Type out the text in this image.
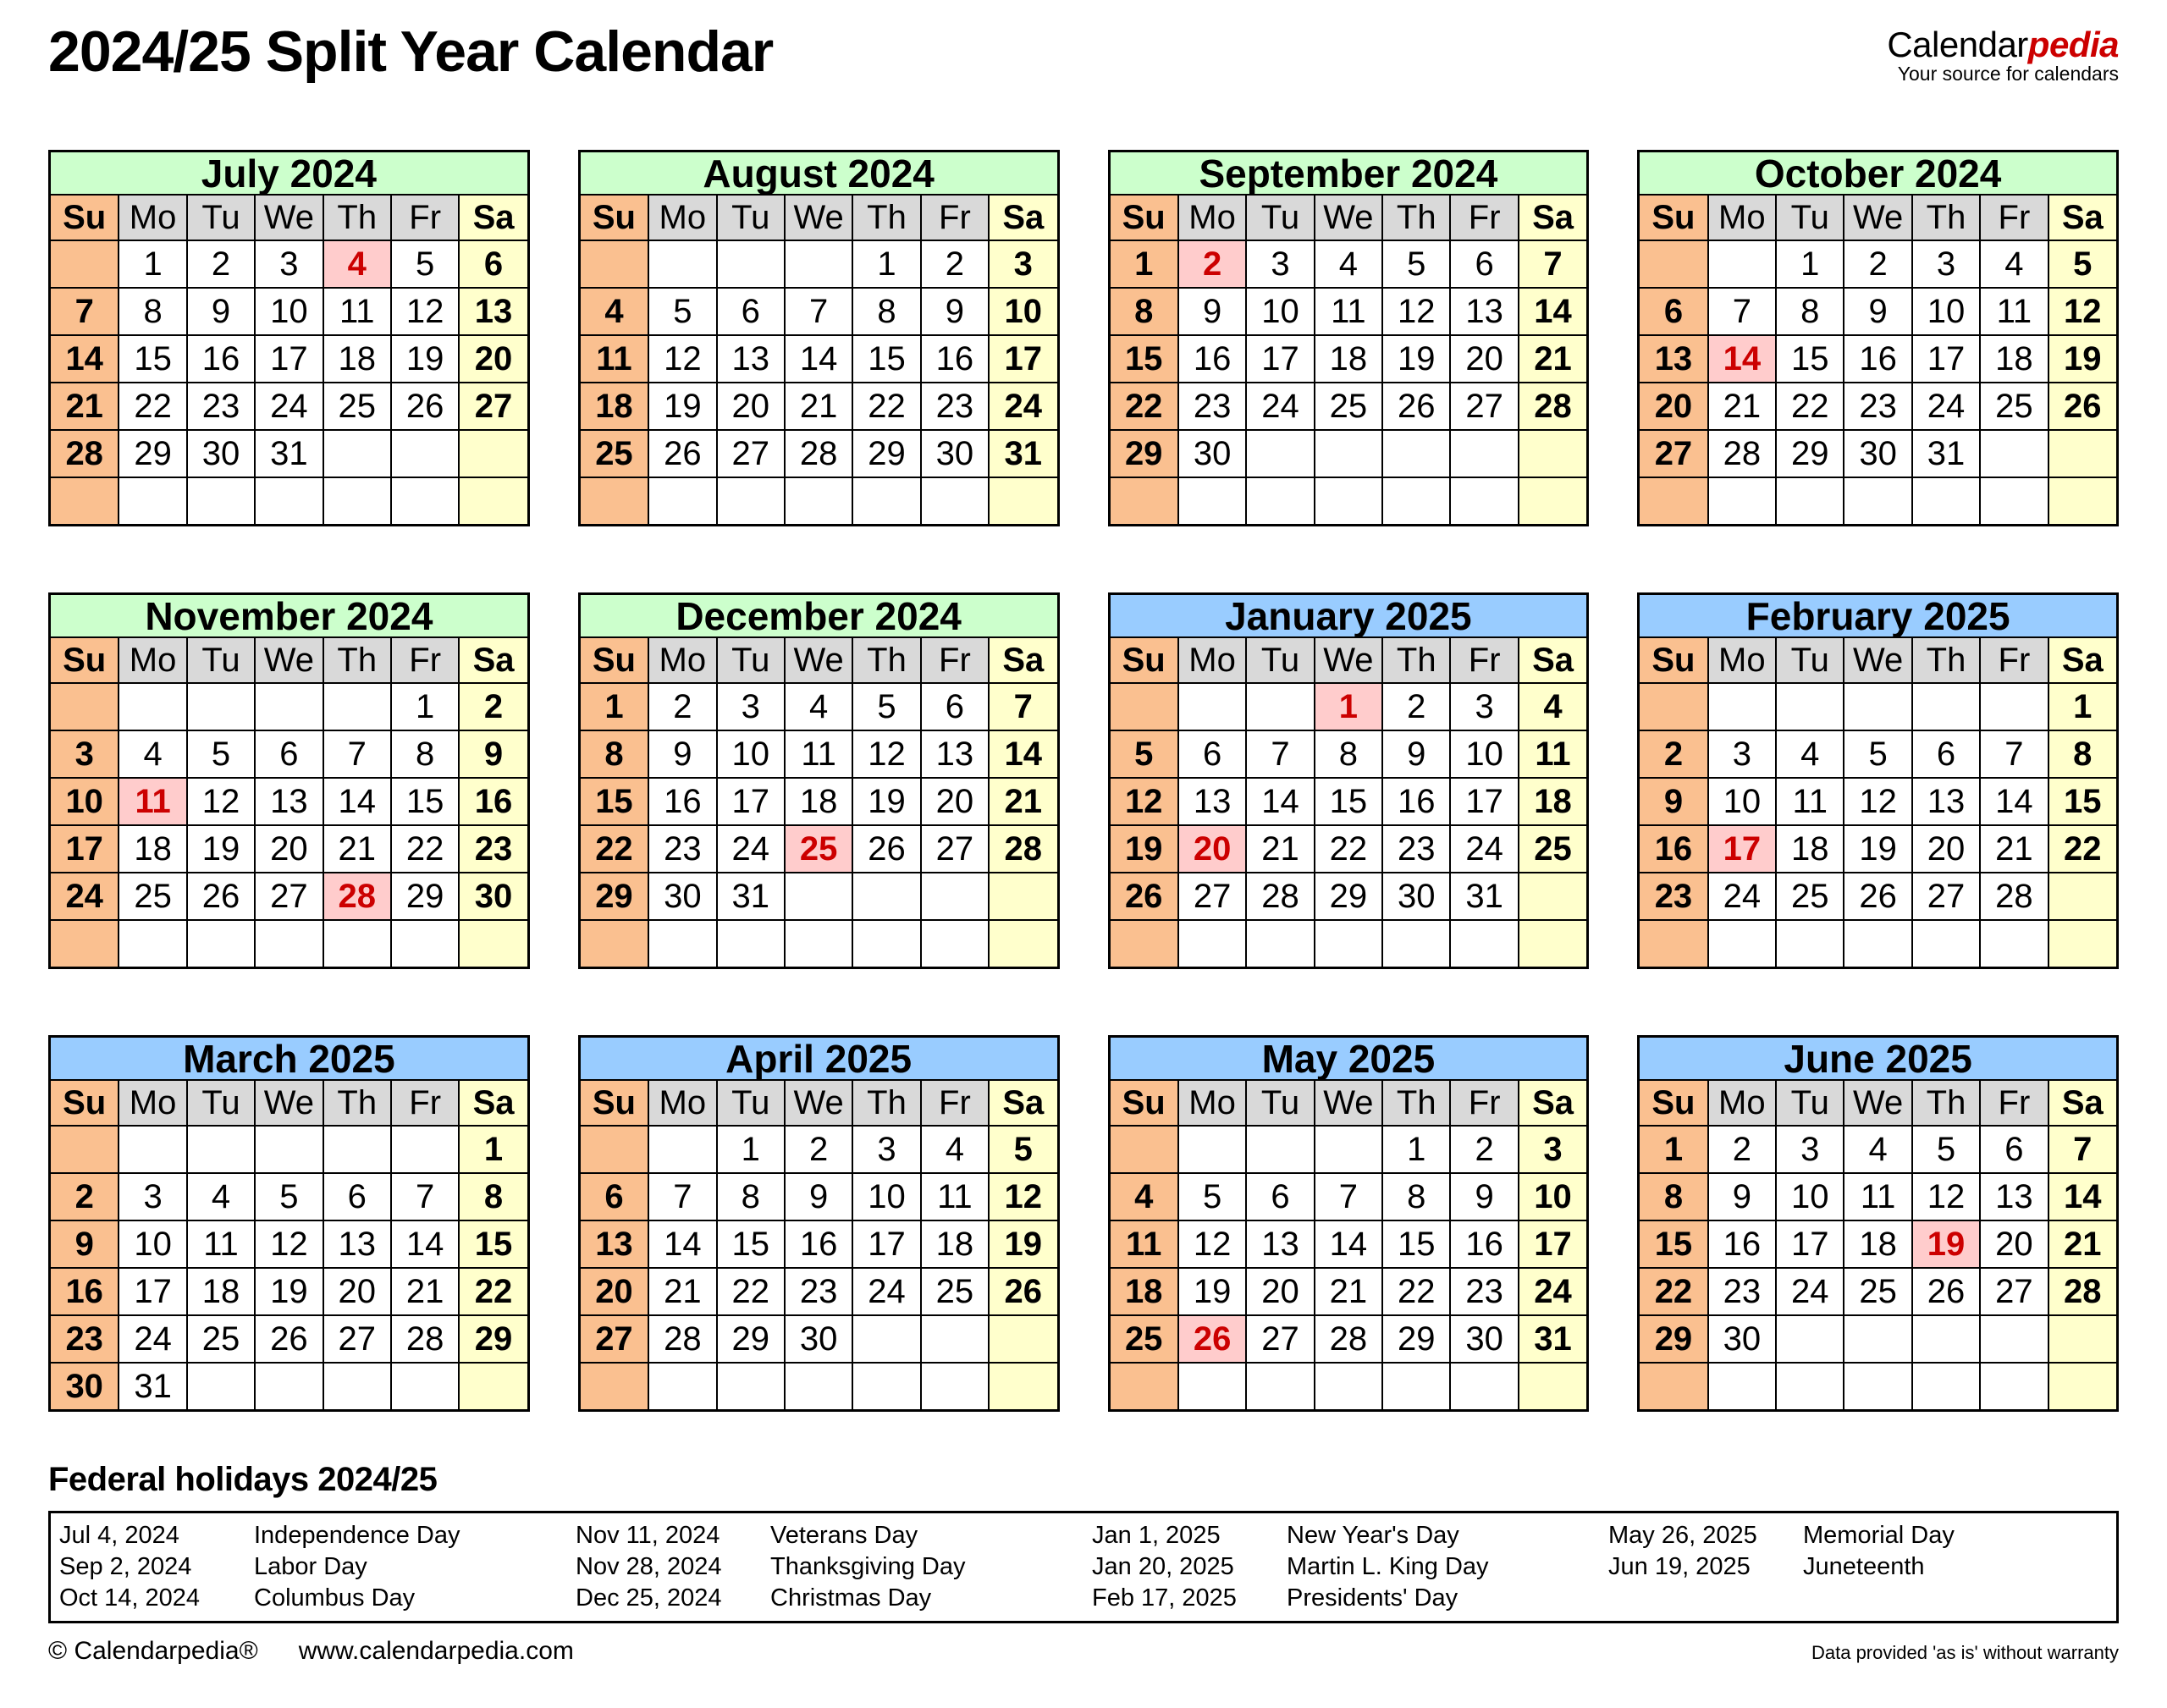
2024/25 Split Year Calendar	Calendarpedia
Your source for calendars
July 2024
Su	Mo	Tu	We	Th	Fr	Sa
	1	2	3	4	5	6
7	8	9	10	11	12	13
14	15	16	17	18	19	20
21	22	23	24	25	26	27
28	29	30	31			

August 2024
Su	Mo	Tu	We	Th	Fr	Sa
				1	2	3
4	5	6	7	8	9	10
11	12	13	14	15	16	17
18	19	20	21	22	23	24
25	26	27	28	29	30	31

September 2024
Su	Mo	Tu	We	Th	Fr	Sa
1	2	3	4	5	6	7
8	9	10	11	12	13	14
15	16	17	18	19	20	21
22	23	24	25	26	27	28
29	30					

October 2024
Su	Mo	Tu	We	Th	Fr	Sa
		1	2	3	4	5
6	7	8	9	10	11	12
13	14	15	16	17	18	19
20	21	22	23	24	25	26
27	28	29	30	31		

November 2024
Su	Mo	Tu	We	Th	Fr	Sa
					1	2
3	4	5	6	7	8	9
10	11	12	13	14	15	16
17	18	19	20	21	22	23
24	25	26	27	28	29	30

December 2024
Su	Mo	Tu	We	Th	Fr	Sa
1	2	3	4	5	6	7
8	9	10	11	12	13	14
15	16	17	18	19	20	21
22	23	24	25	26	27	28
29	30	31				

January 2025
Su	Mo	Tu	We	Th	Fr	Sa
			1	2	3	4
5	6	7	8	9	10	11
12	13	14	15	16	17	18
19	20	21	22	23	24	25
26	27	28	29	30	31	

February 2025
Su	Mo	Tu	We	Th	Fr	Sa
						1
2	3	4	5	6	7	8
9	10	11	12	13	14	15
16	17	18	19	20	21	22
23	24	25	26	27	28	

March 2025
Su	Mo	Tu	We	Th	Fr	Sa
						1
2	3	4	5	6	7	8
9	10	11	12	13	14	15
16	17	18	19	20	21	22
23	24	25	26	27	28	29
30	31					
April 2025
Su	Mo	Tu	We	Th	Fr	Sa
		1	2	3	4	5
6	7	8	9	10	11	12
13	14	15	16	17	18	19
20	21	22	23	24	25	26
27	28	29	30			

May 2025
Su	Mo	Tu	We	Th	Fr	Sa
				1	2	3
4	5	6	7	8	9	10
11	12	13	14	15	16	17
18	19	20	21	22	23	24
25	26	27	28	29	30	31

June 2025
Su	Mo	Tu	We	Th	Fr	Sa
1	2	3	4	5	6	7
8	9	10	11	12	13	14
15	16	17	18	19	20	21
22	23	24	25	26	27	28
29	30					

Federal holidays 2024/25
Jul 4, 2024	Independence Day
Sep 2, 2024	Labor Day
Oct 14, 2024	Columbus Day
Nov 11, 2024	Veterans Day
Nov 28, 2024	Thanksgiving Day
Dec 25, 2024	Christmas Day
Jan 1, 2025	New Year's Day
Jan 20, 2025	Martin L. King Day
Feb 17, 2025	Presidents' Day
May 26, 2025	Memorial Day
Jun 19, 2025	Juneteenth
© Calendarpedia® www.calendarpedia.com	Data provided 'as is' without warranty
